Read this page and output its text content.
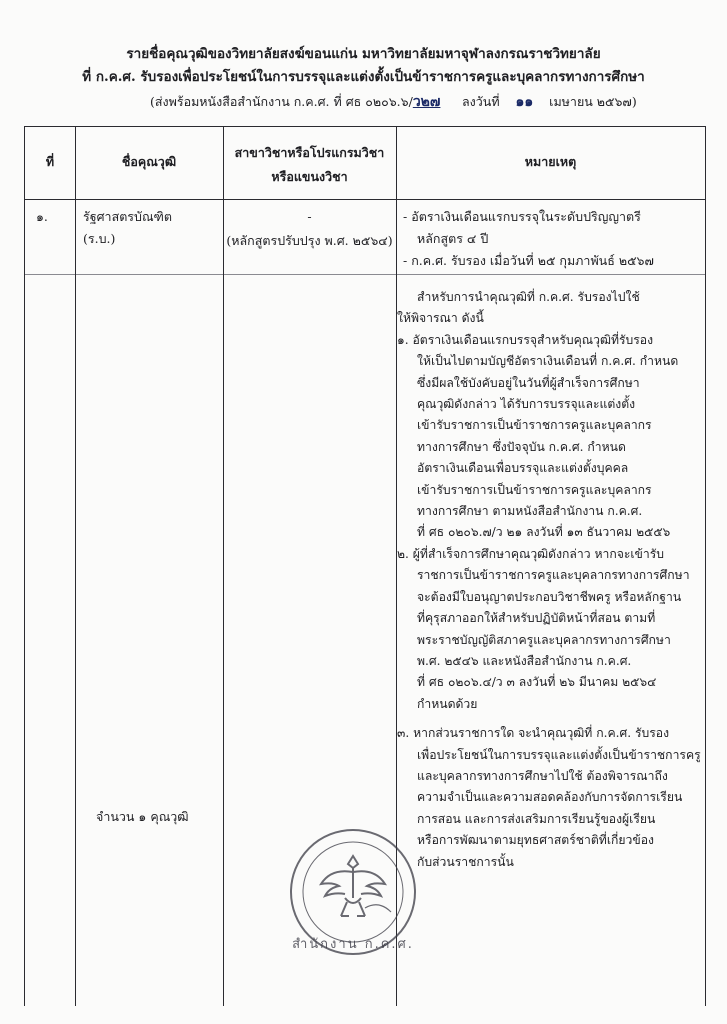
รายชื่อคุณวุฒิของวิทยาลัยสงฆ์ขอนแก่น มหาวิทยาลัยมหาจุฬาลงกรณราชวิทยาลัย
ที่ ก.ค.ศ. รับรองเพื่อประโยชน์ในการบรรจุและแต่งตั้งเป็นข้าราชการครูและบุคลากรทางการศึกษา
(ส่งพร้อมหนังสือสำนักงาน ก.ค.ศ. ที่ ศธ ๐๒๐๖.๖/ว๒๗ ลงวันที่ ๑๑ เมษายน ๒๕๖๗)
ที่	ชื่อคุณวุฒิ
สาขาวิชาหรือโปรแกรมวิชา
หรือแขนงวิชา
หมายเหตุ
๑.	รัฐศาสตรบัณฑิต
(ร.บ.)
-
(หลักสูตรปรับปรุง พ.ศ. ๒๕๖๔)
- อัตราเงินเดือนแรกบรรจุในระดับปริญญาตรี
หลักสูตร ๔ ปี
- ก.ค.ศ. รับรอง เมื่อวันที่ ๒๕ กุมภาพันธ์ ๒๕๖๗
จำนวน ๑ คุณวุฒิ

สำหรับการนำคุณวุฒิที่ ก.ค.ศ. รับรองไปใช้

ให้พิจารณา ดังนี้

๑. อัตราเงินเดือนแรกบรรจุสำหรับคุณวุฒิที่รับรอง

ให้เป็นไปตามบัญชีอัตราเงินเดือนที่ ก.ค.ศ. กำหนด

ซึ่งมีผลใช้บังคับอยู่ในวันที่ผู้สำเร็จการศึกษา

คุณวุฒิดังกล่าว ได้รับการบรรจุและแต่งตั้ง

เข้ารับราชการเป็นข้าราชการครูและบุคลากร

ทางการศึกษา ซึ่งปัจจุบัน ก.ค.ศ. กำหนด

อัตราเงินเดือนเพื่อบรรจุและแต่งตั้งบุคคล

เข้ารับราชการเป็นข้าราชการครูและบุคลากร

ทางการศึกษา ตามหนังสือสำนักงาน ก.ค.ศ.

ที่ ศธ ๐๒๐๖.๗/ว ๒๑ ลงวันที่ ๑๓ ธันวาคม ๒๕๕๖

๒. ผู้ที่สำเร็จการศึกษาคุณวุฒิดังกล่าว หากจะเข้ารับ

ราชการเป็นข้าราชการครูและบุคลากรทางการศึกษา

จะต้องมีใบอนุญาตประกอบวิชาชีพครู หรือหลักฐาน

ที่คุรุสภาออกให้สำหรับปฏิบัติหน้าที่สอน ตามที่

พระราชบัญญัติสภาครูและบุคลากรทางการศึกษา

พ.ศ. ๒๕๔๖ และหนังสือสำนักงาน ก.ค.ศ.

ที่ ศธ ๐๒๐๖.๔/ว ๓ ลงวันที่ ๒๖ มีนาคม ๒๕๖๔

กำหนดด้วย

๓. หากส่วนราชการใด จะนำคุณวุฒิที่ ก.ค.ศ. รับรอง

เพื่อประโยชน์ในการบรรจุและแต่งตั้งเป็นข้าราชการครู

และบุคลากรทางการศึกษาไปใช้ ต้องพิจารณาถึง

ความจำเป็นและความสอดคล้องกับการจัดการเรียน

การสอน และการส่งเสริมการเรียนรู้ของผู้เรียน

หรือการพัฒนาตามยุทธศาสตร์ชาติที่เกี่ยวข้อง

กับส่วนราชการนั้น

สำนักงาน ก.ค.ศ.
